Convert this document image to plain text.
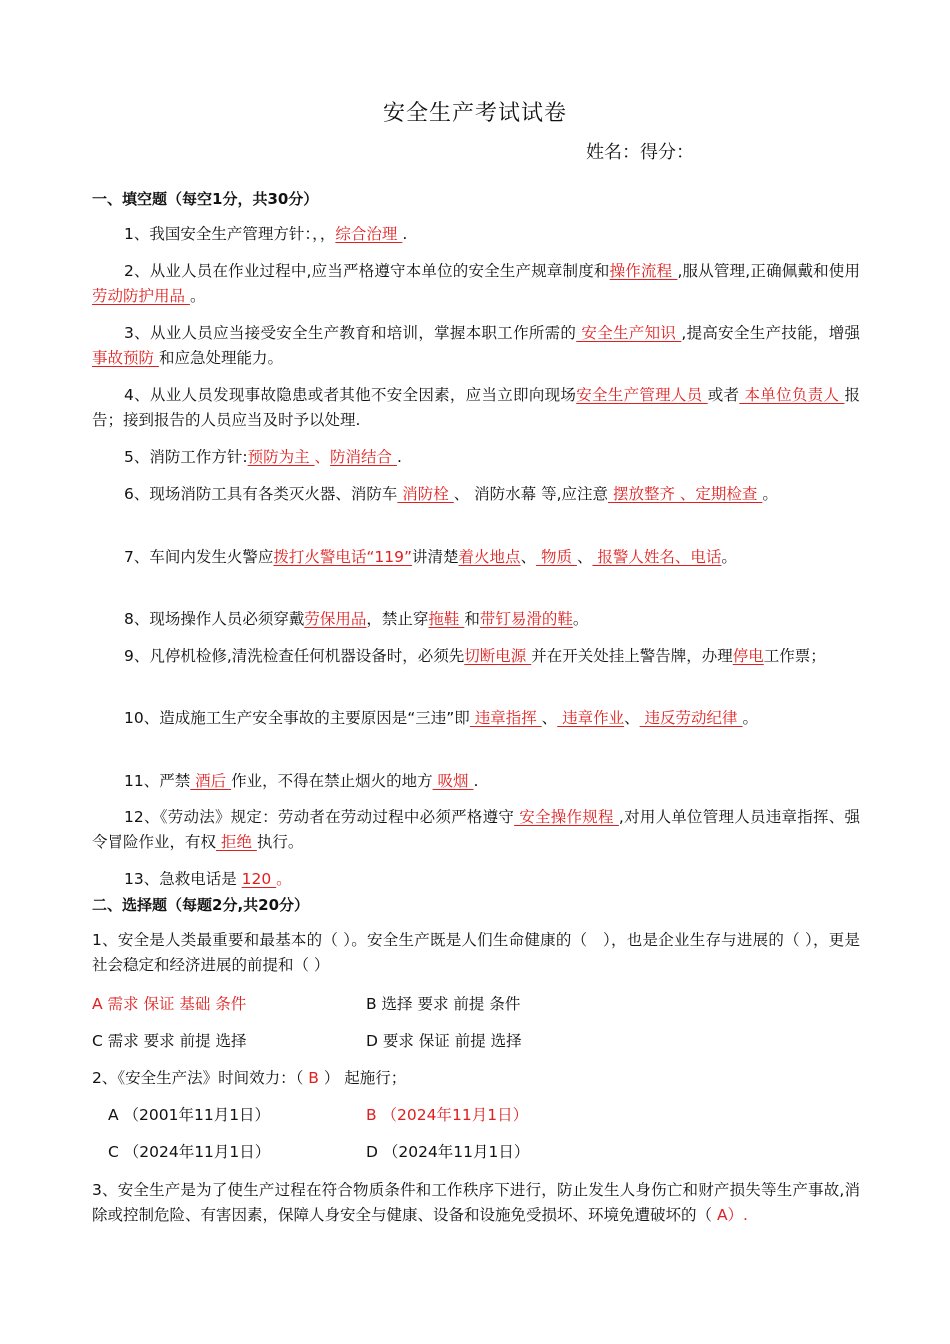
安全生产考试试卷
姓名：得分：
一、填空题（每空1分，共30分）
1、我国安全生产管理方针：，，综合治理 .
2、从业人员在作业过程中,应当严格遵守本单位的安全生产规章制度和操作流程 ,服从管理,正确佩戴和使用劳动防护用品 。
3、从业人员应当接受安全生产教育和培训，掌握本职工作所需的 安全生产知识 ,提高安全生产技能，增强事故预防 和应急处理能力。
4、从业人员发现事故隐患或者其他不安全因素，应当立即向现场安全生产管理人员 或者 本单位负责人 报告；接到报告的人员应当及时予以处理.
5、消防工作方针:预防为主 、防消结合 .
6、现场消防工具有各类灭火器、消防车 消防栓 、 消防水幕 等,应注意 摆放整齐 、定期检查 。
7、车间内发生火警应拨打火警电话“119”讲清楚着火地点、 物质 、 报警人姓名、电话。
8、现场操作人员必须穿戴劳保用品，禁止穿拖鞋 和带钉易滑的鞋。
9、凡停机检修,清洗检查任何机器设备时，必须先切断电源 并在开关处挂上警告牌，办理停电工作票；
10、造成施工生产安全事故的主要原因是“三违”即 违章指挥 、 违章作业、 违反劳动纪律 。
11、严禁 酒后 作业，不得在禁止烟火的地方 吸烟 .
12、《劳动法》规定：劳动者在劳动过程中必须严格遵守 安全操作规程 ,对用人单位管理人员违章指挥、强令冒险作业，有权 拒绝 执行。
13、急救电话是 120 。
二、选择题（每题2分,共20分）
1、安全是人类最重要和最基本的（ ）。安全生产既是人们生命健康的（　），也是企业生存与进展的（ ），更是社会稳定和经济进展的前提和（ ）
A 需求 保证 基础 条件	B 选择 要求 前提 条件
C 需求 要求 前提 选择	D 要求 保证 前提 选择
2、《安全生产法》时间效力：（ B ） 起施行；
A （2001年11月1日）	B （2024年11月1日）
C （2024年11月1日）	D （2024年11月1日）
3、安全生产是为了使生产过程在符合物质条件和工作秩序下进行，防止发生人身伤亡和财产损失等生产事故,消除或控制危险、有害因素，保障人身安全与健康、设备和设施免受损坏、环境免遭破坏的（ A）.
